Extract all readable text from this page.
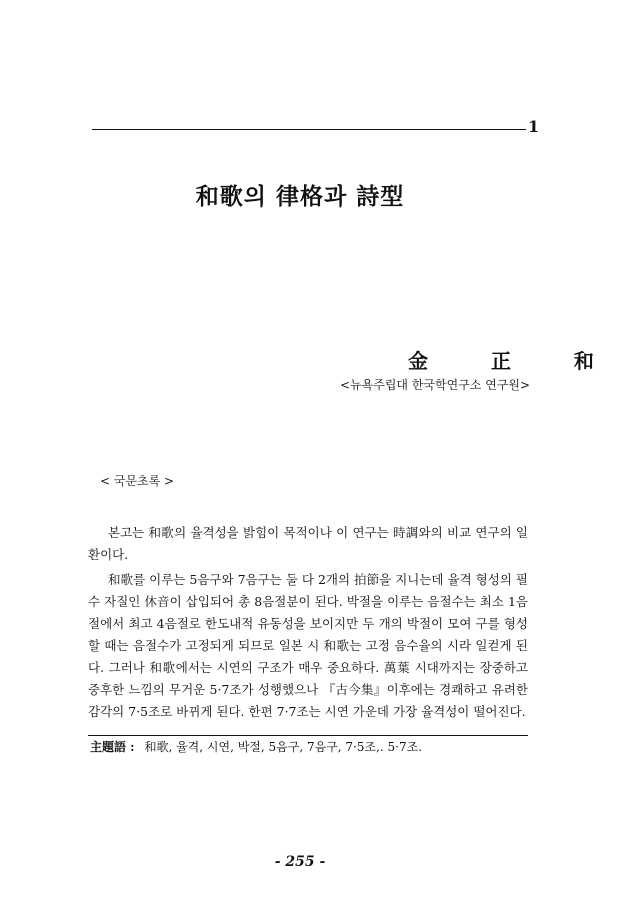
1
和歌의 律格과 詩型
金 正 和
<뉴욕주립대 한국학연구소 연구원>
< 국문초록 >

본고는 和歌의 율격성을 밝힘이 목적이나 이 연구는 時調와의 비교 연구의 일환이다.

和歌를 이루는 5음구와 7음구는 둘 다 2개의 拍節을 지니는데 율격 형성의 필수 자질인 休音이 삽입되어 총 8음절분이 된다. 박절을 이루는 음절수는 최소 1음절에서 최고 4음절로 한도내적 유동성을 보이지만 두 개의 박절이 모여 구를 형성할 때는 음절수가 고정되게 되므로 일본 시 和歌는 고정 음수율의 시라 일컫게 된다. 그러나 和歌에서는 시연의 구조가 매우 중요하다. 萬葉 시대까지는 장중하고 중후한 느낌의 무거운 5·7조가 성행했으나 『古今集』이후에는 경쾌하고 유려한 감각의 7·5조로 바뀌게 된다. 한편 7·7조는 시연 가운데 가장 율격성이 떨어진다.

主題語 : 和歌, 율격, 시연, 박절, 5음구, 7음구, 7·5조,. 5·7조.
- 255 -
